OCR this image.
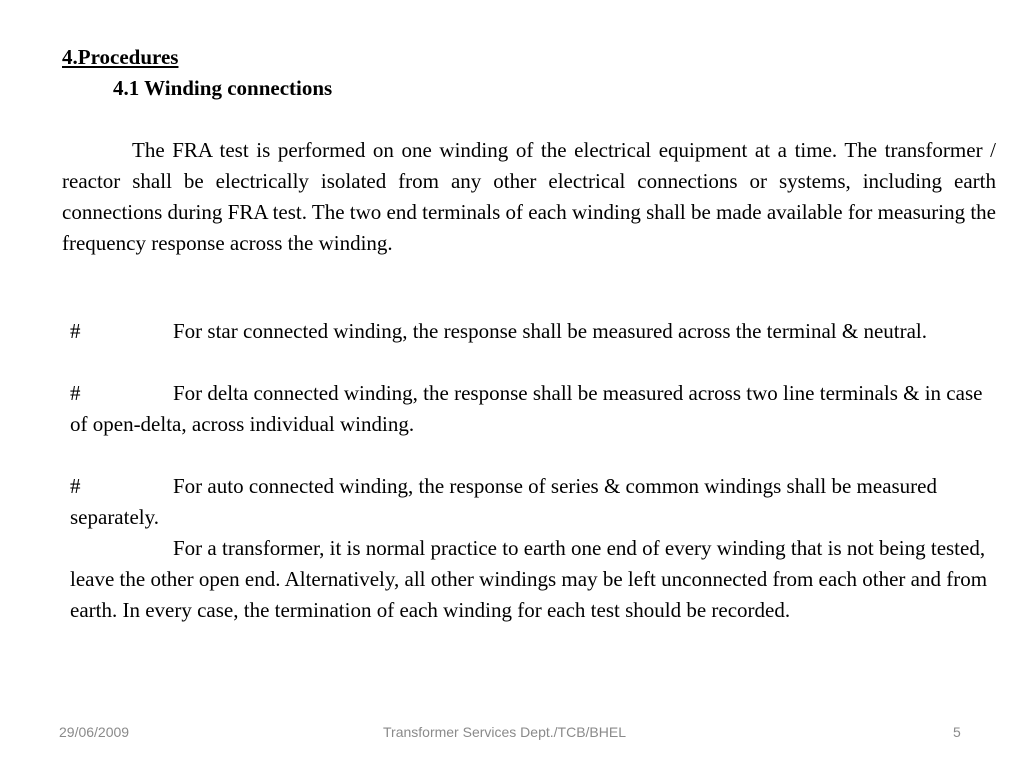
4.Procedures
4.1 Winding connections

The FRA test is performed on one winding of the electrical equipment at a time. The transformer / reactor shall be electrically isolated from any other electrical connections or systems, including earth connections during FRA test. The two end terminals of each winding shall be made available for measuring the frequency response across the winding.

#	For star connected winding, the response shall be measured across the terminal & neutral.

#	For delta connected winding, the response shall be measured across two line terminals & in case of open-delta, across individual winding.

#	For auto connected winding, the response of series & common windings shall be measured separately.

For a transformer, it is normal practice to earth one end of every winding that is not being tested, leave the other open end. Alternatively, all other windings may be left unconnected from each other and from earth. In every case, the termination of each winding for each test should be recorded.

29/06/2009	Transformer Services Dept./TCB/BHEL	5
